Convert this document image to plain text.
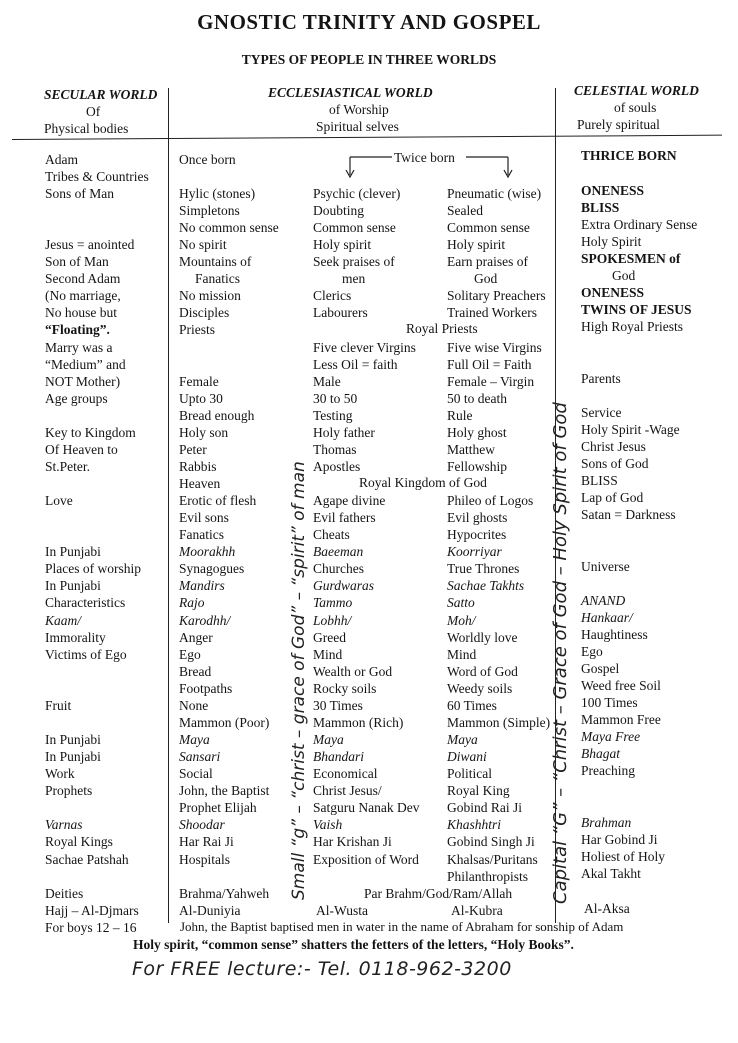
GNOSTIC TRINITY AND GOSPEL
TYPES OF PEOPLE IN THREE WORLDS
SECULAR WORLD
Of
Physical bodies
ECCLESIASTICAL WORLD
of Worship
Spiritual selves
CELESTIAL WORLD
of souls
Purely spiritual
Twice born
Adam
Tribes & Countries
Sons of Man
Jesus = anointed
Son of Man
Second Adam
(No marriage,
No house but
“Floating”.
Marry was a
“Medium” and
NOT Mother)
Age groups
Key to Kingdom
Of Heaven to
St.Peter.
Love
In Punjabi
Places of worship
In Punjabi
Characteristics
Kaam/
Immorality
Victims of Ego
Fruit
In Punjabi
In Punjabi
Work
Prophets
Varnas
Royal Kings
Sachae Patshah
Deities
Hajj – Al-Djmars
For boys 12 – 16
Once born
Hylic (stones)
Simpletons
No common sense
No spirit
Mountains of
Fanatics
No mission
Disciples
Priests
Female
Upto 30
Bread enough
Holy son
Peter
Rabbis
Heaven
Erotic of flesh
Evil sons
Fanatics
Moorakhh
Synagogues
Mandirs
Rajo
Karodhh/
Anger
Ego
Bread
Footpaths
None
Mammon (Poor)
Maya
Sansari
Social
John, the Baptist
Prophet Elijah
Shoodar
Har Rai Ji
Hospitals
Brahma/Yahweh
Al-Duniyia
Psychic (clever)
Doubting
Common sense
Holy spirit
Seek praises of
men
Clerics
Labourers
Five clever Virgins
Less Oil = faith
Male
30 to 50
Testing
Holy father
Thomas
Apostles
Agape divine
Evil fathers
Cheats
Baeeman
Churches
Gurdwaras
Tammo
Lobhh/
Greed
Mind
Wealth or God
Rocky soils
30 Times
Mammon (Rich)
Maya
Bhandari
Economical
Christ Jesus/
Satguru Nanak Dev
Vaish
Har Krishan Ji
Exposition of Word
Al-Wusta
Pneumatic (wise)
Sealed
Common sense
Holy spirit
Earn praises of
God
Solitary Preachers
Trained Workers
Five wise Virgins
Full Oil = Faith
Female – Virgin
50 to death
Rule
Holy ghost
Matthew
Fellowship
Phileo of Logos
Evil ghosts
Hypocrites
Koorriyar
True Thrones
Sachae Takhts
Satto
Moh/
Worldly love
Mind
Word of God
Weedy soils
60 Times
Mammon (Simple)
Maya
Diwani
Political
Royal King
Gobind Rai Ji
Khashhtri
Gobind Singh Ji
Khalsas/Puritans
Philanthropists
Al-Kubra
THRICE BORN
ONENESS
BLISS
Extra Ordinary Sense
Holy Spirit
SPOKESMEN of
God
ONENESS
TWINS OF JESUS
High Royal Priests
Parents
Service
Holy Spirit -Wage
Christ Jesus
Sons of God
BLISS
Lap of God
Satan = Darkness
Universe
ANAND
Hankaar/
Haughtiness
Ego
Gospel
Weed free Soil
100 Times
Mammon Free
Maya Free
Bhagat
Preaching
Brahman
Har Gobind Ji
Holiest of Holy
Akal Takht
Al-Aksa
Royal Priests
Royal Kingdom of God
Par Brahm/God/Ram/Allah
John, the Baptist baptised men in water in the name of Abraham for sonship of Adam
Holy spirit, “common sense” shatters the fetters of the letters, “Holy Books”.
Small “g” – “christ – grace of God” – “spirit” of man	Capital “G” – “Christ – Grace of God – Holy Spirit of God
For FREE lecture:- Tel. 0118-962-3200
